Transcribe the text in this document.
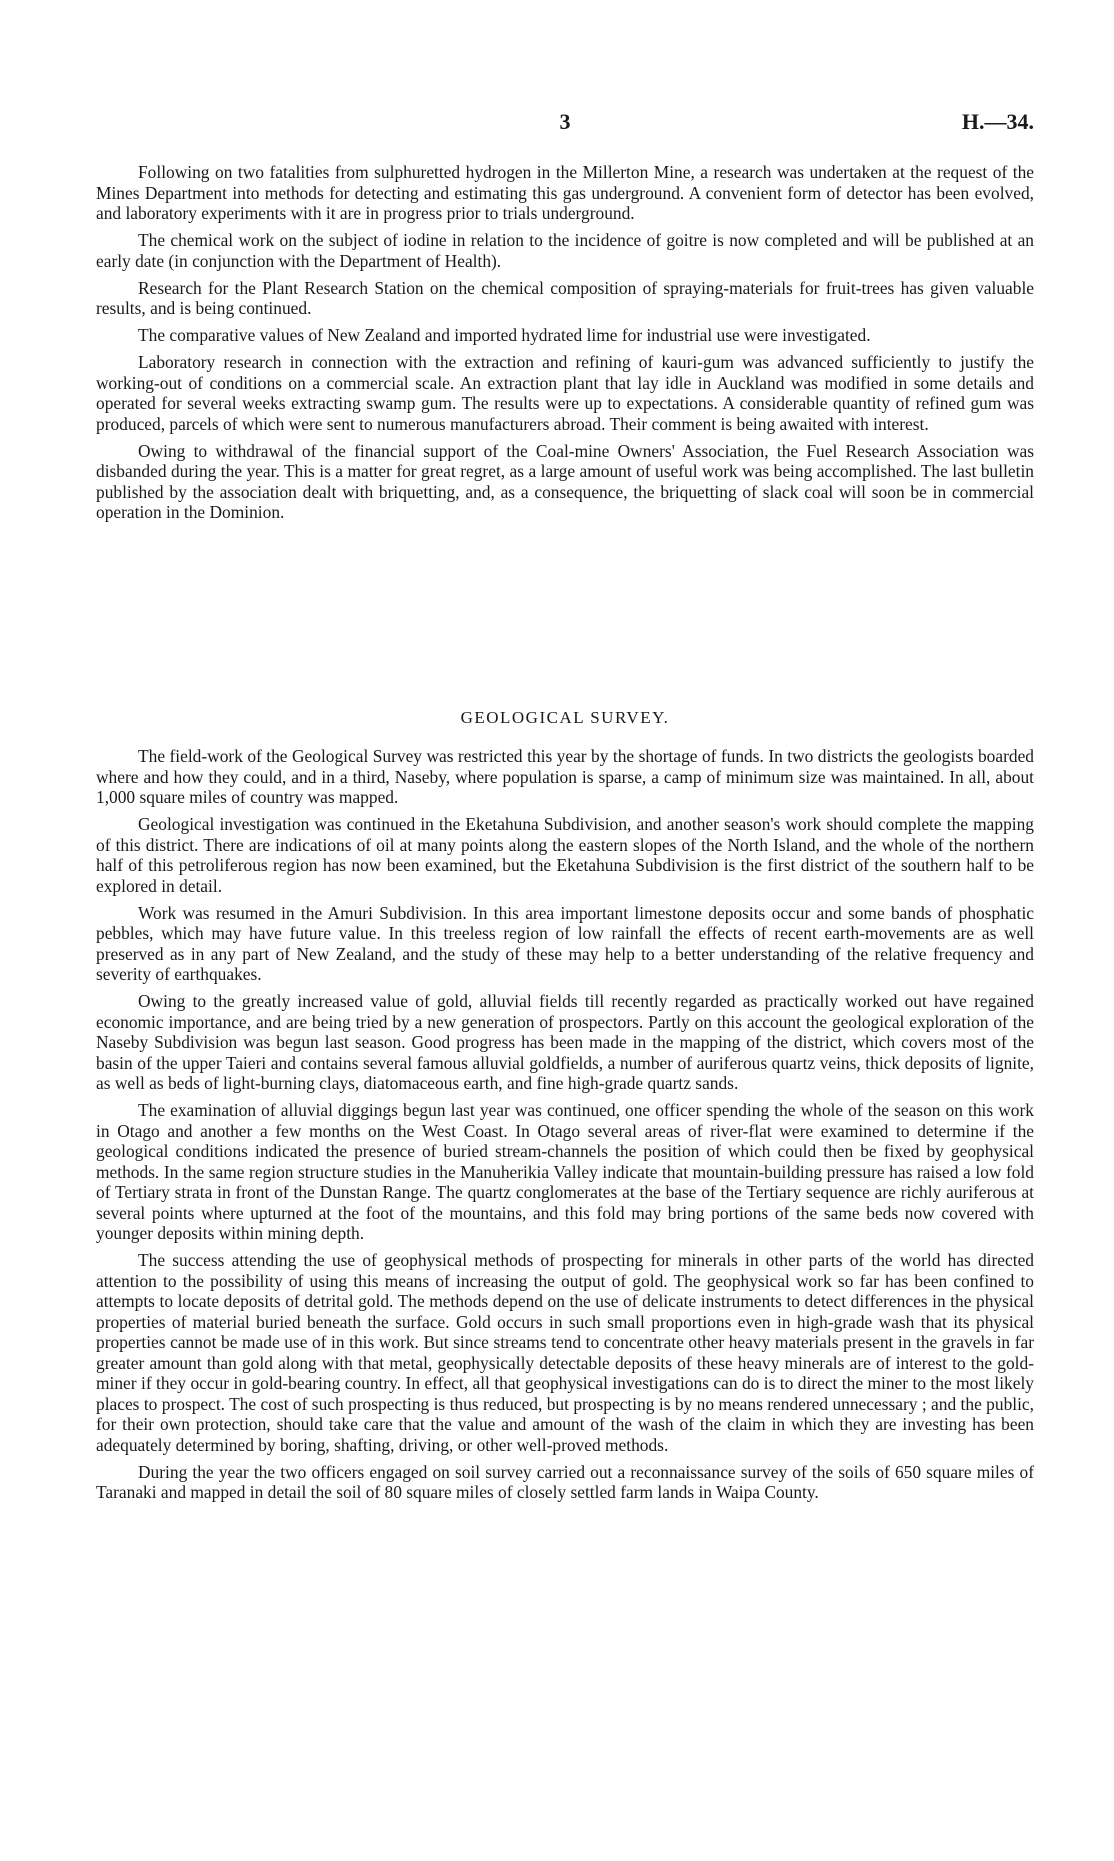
3	H.—34.

Following on two fatalities from sulphuretted hydrogen in the Millerton Mine, a research was undertaken at the request of the Mines Department into methods for detecting and estimating this gas underground. A convenient form of detector has been evolved, and laboratory experiments with it are in progress prior to trials underground.

The chemical work on the subject of iodine in relation to the incidence of goitre is now completed and will be published at an early date (in conjunction with the Department of Health).

Research for the Plant Research Station on the chemical composition of spraying-materials for fruit-trees has given valuable results, and is being continued.

The comparative values of New Zealand and imported hydrated lime for industrial use were investigated.

Laboratory research in connection with the extraction and refining of kauri-gum was advanced sufficiently to justify the working-out of conditions on a commercial scale. An extraction plant that lay idle in Auckland was modified in some details and operated for several weeks extracting swamp gum. The results were up to expectations. A considerable quantity of refined gum was produced, parcels of which were sent to numerous manufacturers abroad. Their comment is being awaited with interest.

Owing to withdrawal of the financial support of the Coal-mine Owners' Association, the Fuel Research Association was disbanded during the year. This is a matter for great regret, as a large amount of useful work was being accomplished. The last bulletin published by the association dealt with briquetting, and, as a consequence, the briquetting of slack coal will soon be in commercial operation in the Dominion.

GEOLOGICAL SURVEY.

The field-work of the Geological Survey was restricted this year by the shortage of funds. In two districts the geologists boarded where and how they could, and in a third, Naseby, where population is sparse, a camp of minimum size was maintained. In all, about 1,000 square miles of country was mapped.

Geological investigation was continued in the Eketahuna Subdivision, and another season's work should complete the mapping of this district. There are indications of oil at many points along the eastern slopes of the North Island, and the whole of the northern half of this petroliferous region has now been examined, but the Eketahuna Subdivision is the first district of the southern half to be explored in detail.

Work was resumed in the Amuri Subdivision. In this area important limestone deposits occur and some bands of phosphatic pebbles, which may have future value. In this treeless region of low rainfall the effects of recent earth-movements are as well preserved as in any part of New Zealand, and the study of these may help to a better understanding of the relative frequency and severity of earthquakes.

Owing to the greatly increased value of gold, alluvial fields till recently regarded as practically worked out have regained economic importance, and are being tried by a new generation of prospectors. Partly on this account the geological exploration of the Naseby Subdivision was begun last season. Good progress has been made in the mapping of the district, which covers most of the basin of the upper Taieri and contains several famous alluvial goldfields, a number of auriferous quartz veins, thick deposits of lignite, as well as beds of light-burning clays, diatomaceous earth, and fine high-grade quartz sands.

The examination of alluvial diggings begun last year was continued, one officer spending the whole of the season on this work in Otago and another a few months on the West Coast. In Otago several areas of river-flat were examined to determine if the geological conditions indicated the presence of buried stream-channels the position of which could then be fixed by geophysical methods. In the same region structure studies in the Manuherikia Valley indicate that mountain-building pressure has raised a low fold of Tertiary strata in front of the Dunstan Range. The quartz conglomerates at the base of the Tertiary sequence are richly auriferous at several points where upturned at the foot of the mountains, and this fold may bring portions of the same beds now covered with younger deposits within mining depth.

The success attending the use of geophysical methods of prospecting for minerals in other parts of the world has directed attention to the possibility of using this means of increasing the output of gold. The geophysical work so far has been confined to attempts to locate deposits of detrital gold. The methods depend on the use of delicate instruments to detect differences in the physical properties of material buried beneath the surface. Gold occurs in such small proportions even in high-grade wash that its physical properties cannot be made use of in this work. But since streams tend to concentrate other heavy materials present in the gravels in far greater amount than gold along with that metal, geophysically detectable deposits of these heavy minerals are of interest to the gold-miner if they occur in gold-bearing country. In effect, all that geophysical investigations can do is to direct the miner to the most likely places to prospect. The cost of such prospecting is thus reduced, but prospecting is by no means rendered unnecessary ; and the public, for their own protection, should take care that the value and amount of the wash of the claim in which they are investing has been adequately determined by boring, shafting, driving, or other well-proved methods.

During the year the two officers engaged on soil survey carried out a reconnaissance survey of the soils of 650 square miles of Taranaki and mapped in detail the soil of 80 square miles of closely settled farm lands in Waipa County.
